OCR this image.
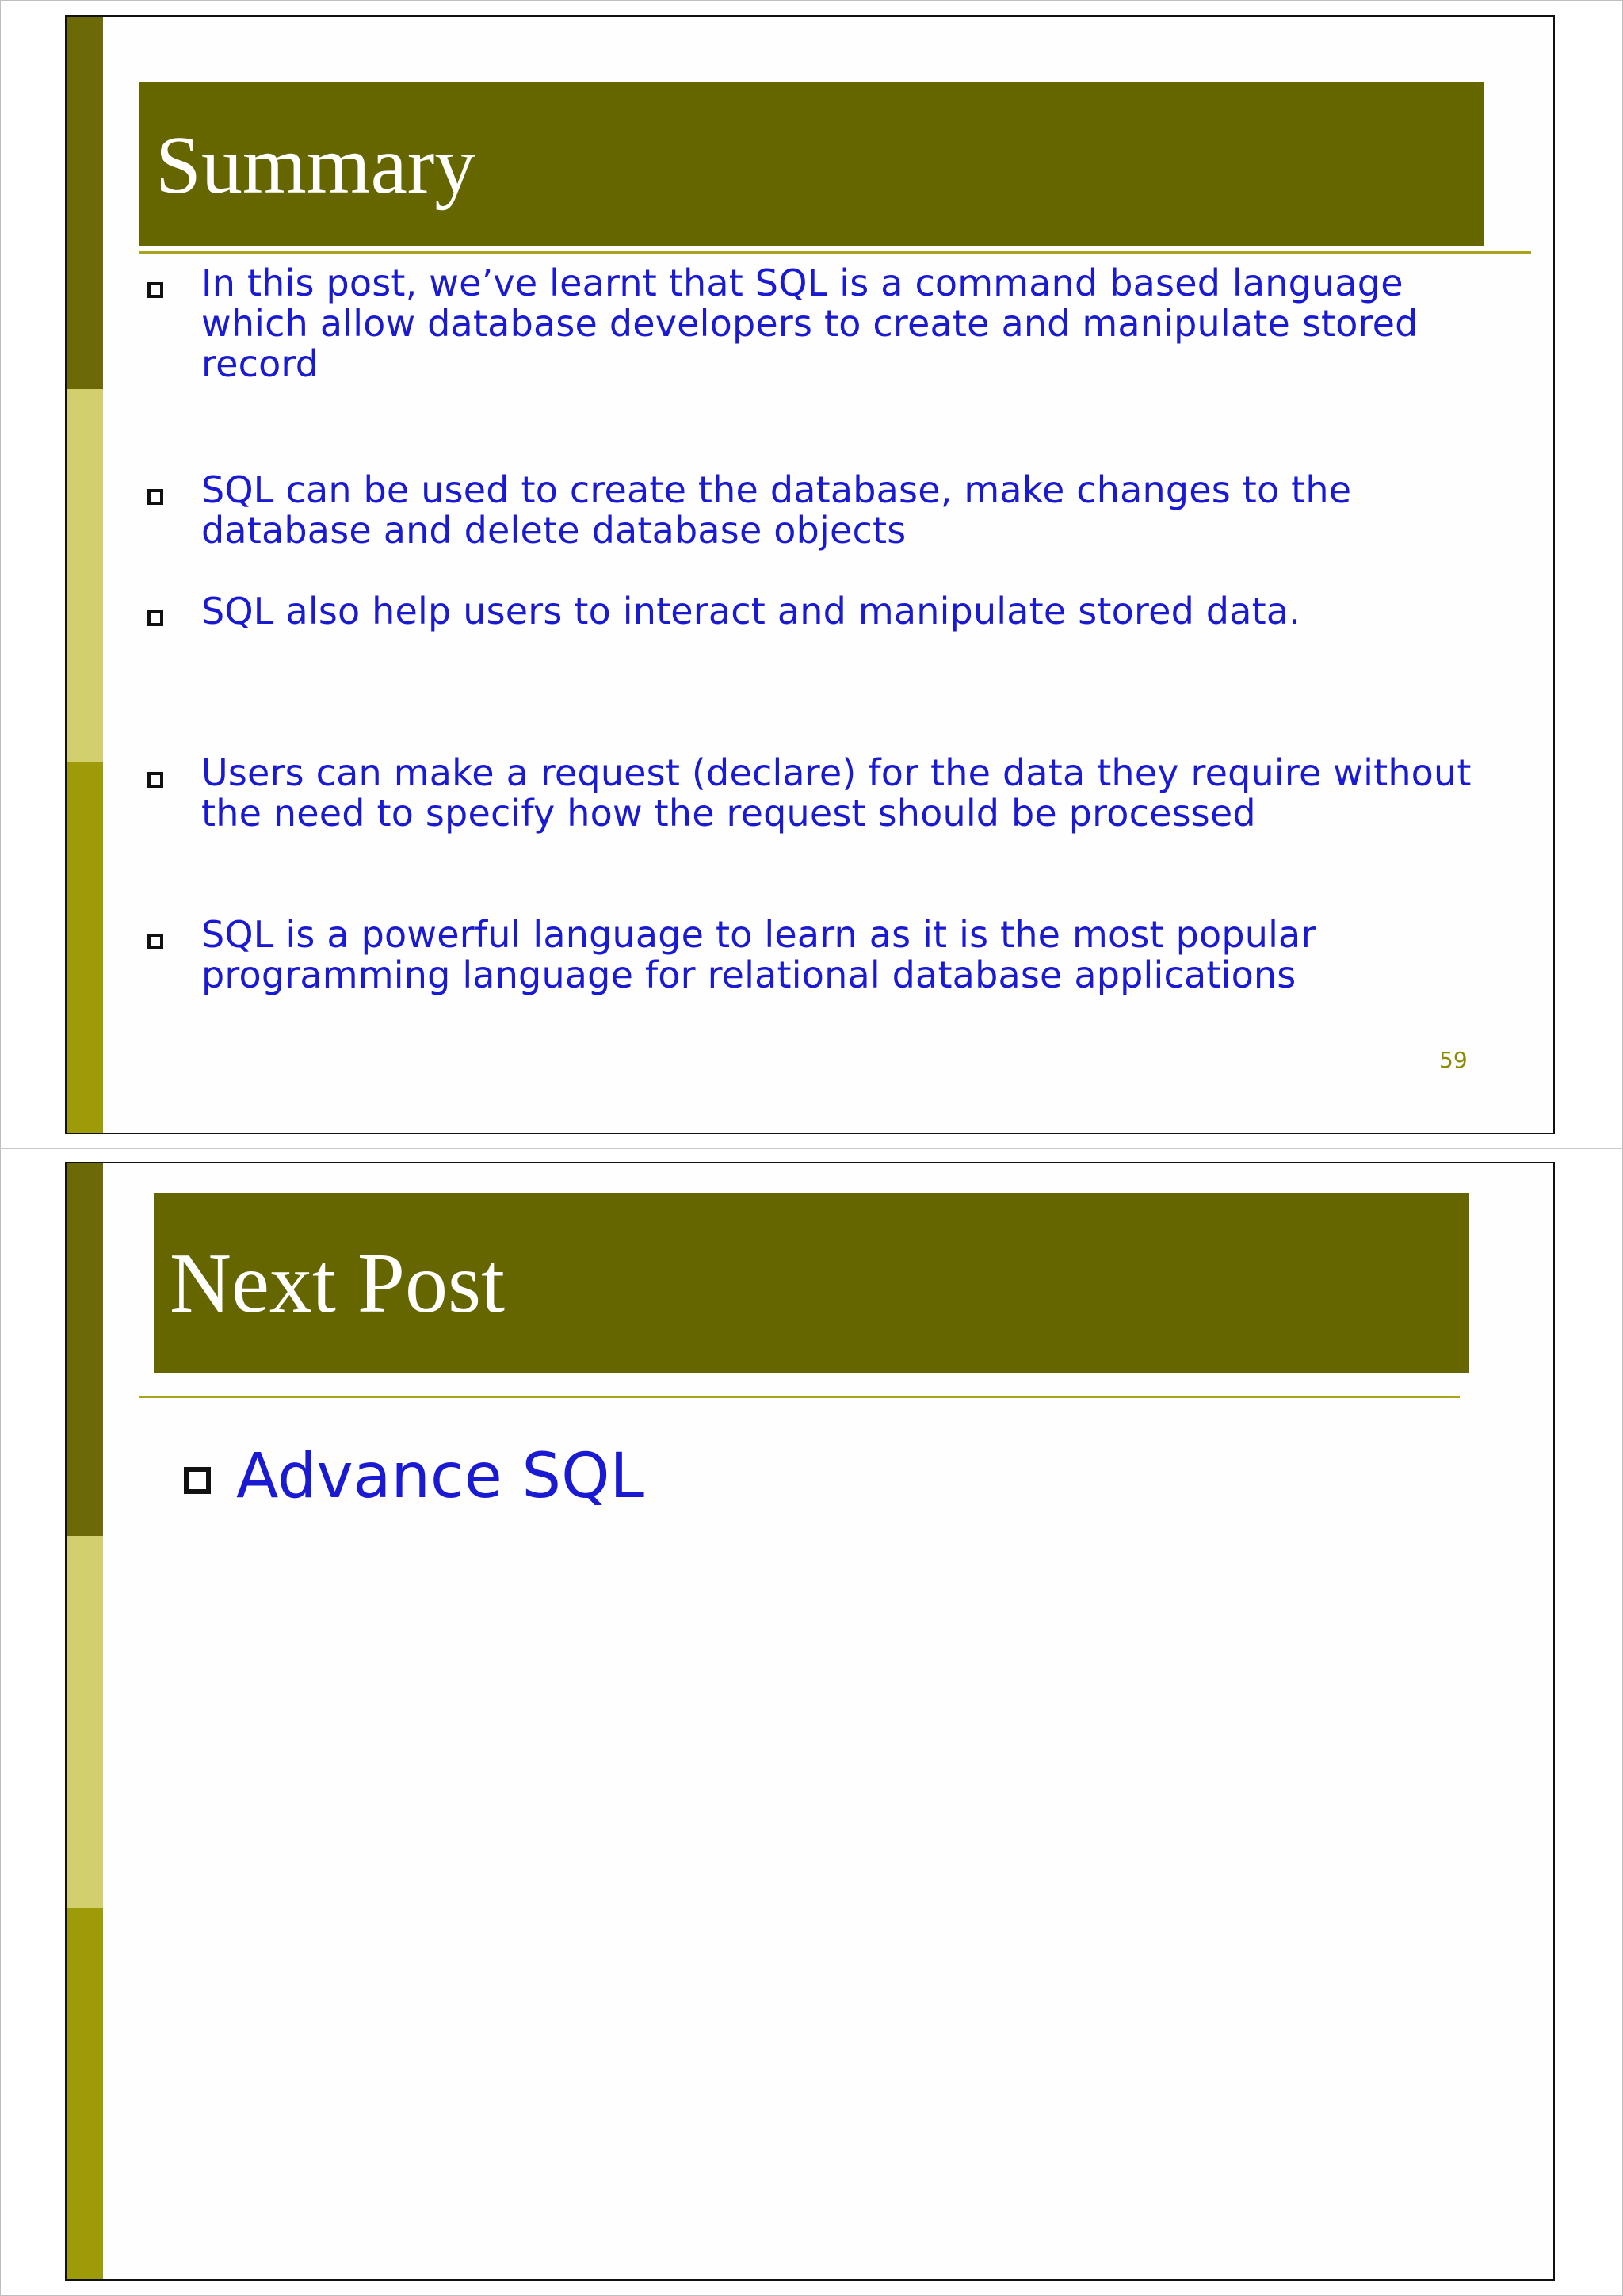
Summary
In this post, we’ve learnt that SQL is a command based language
which allow database developers to create and manipulate stored
record
SQL can be used to create the database, make changes to the
database and delete database objects
SQL also help users to interact and manipulate stored data.
Users can make a request (declare) for the data they require without
the need to specify how the request should be processed
SQL is a powerful language to learn as it is the most popular
programming language for relational database applications
59
Next Post
Advance SQL
